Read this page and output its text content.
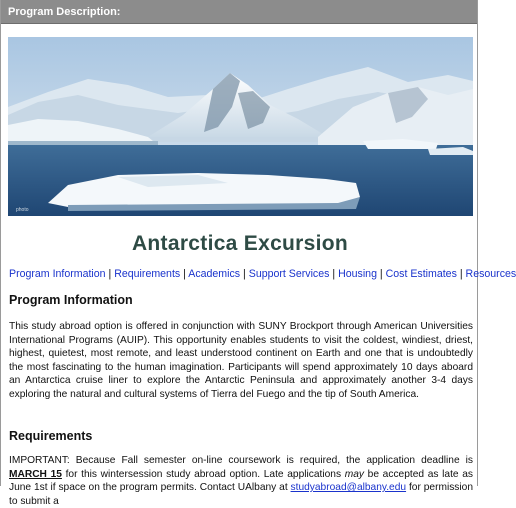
Program Description:
photo
Antarctica Excursion
Program Information | Requirements | Academics | Support Services | Housing | Cost Estimates | Resources
Program Information
This study abroad option is offered in conjunction with SUNY Brockport through American Universities International Programs (AUIP). This opportunity enables students to visit the coldest, windiest, driest, highest, quietest, most remote, and least understood continent on Earth and one that is undoubtedly the most fascinating to the human imagination. Participants will spend approximately 10 days aboard an Antarctica cruise liner to explore the Antarctic Peninsula and approximately another 3-4 days exploring the natural and cultural systems of Tierra del Fuego and the tip of South America.
Requirements
IMPORTANT: Because Fall semester on-line coursework is required, the application deadline is MARCH 15 for this wintersession study abroad option. Late applications may be accepted as late as June 1st if space on the program permits. Contact UAlbany at studyabroad@albany.edu for permission to submit a
